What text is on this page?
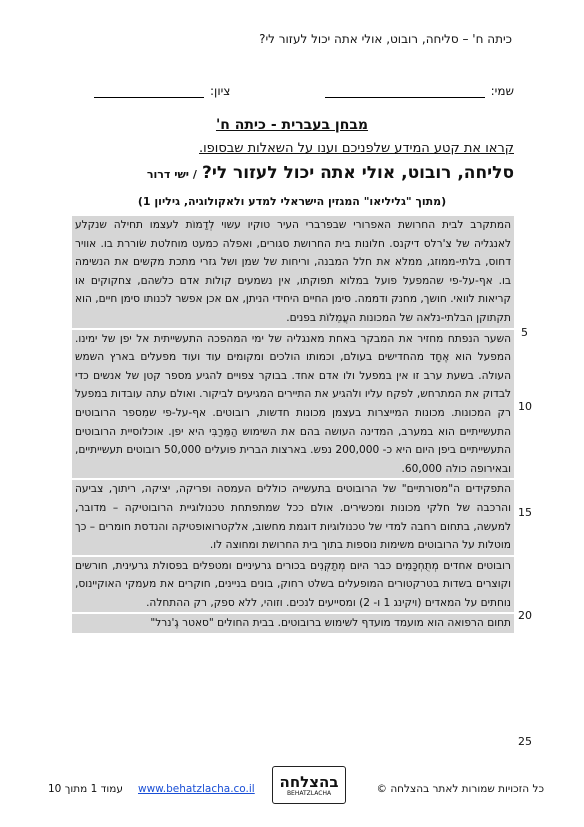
כיתה ח' – סליחה, רובוט, אולי אתה יכול לעזור לי?
שמי:
ציון:
מבחן בעברית - כיתה ח'
קראו את קטע המידע שלפניכם וענו על השאלות שבסופו.
סליחה, רובוט, אולי אתה יכול לעזור לי? / ישי דרור
(מתוך "גליליאו" המגזין הישראלי למדע ולאקולוגיה, גיליון 1)

המתקרב לבית החרושת האפרורי שבפרברי העיר טוקיו עשוי לְדַמוֹת לעצמו תחילה שנקלע לאנגליה של צ'רלס דיקנס. חלונות בית החרושת סגורים, ואפלה כמעט מוחלטת שׂוררת בו. אוויר דחוס, בלתי-ממוזג, ממלא את חלל המבנה, וריחות של שמן ושל גזרי מתכת מקשים את הנשימה בו. אף-על-פי שהמפעל פועל במלוא תפוקתו, אין נשמעים קולות אדם כלשהם, צחקוקים או קריאות לוואי. חושך, מחנק ודממה. סימן החיים היחידי הניתן, אם אכן אפשר לכנותו סימן חיים, הוא תקתוקן הבלתי-נלאה של המכונות העֲמֵלוֹת בפנים.

השער הנפתח מחזיר את המבקר באחת מאנגליה של ימי המהפכה התעשייתית אל יפן של ימינו. המפעל הוא אֶחָד מהחדישים בעולם, וכמותו הולכים ומקומים עוד ועוד מפעלים בארץ השמש העולה. בשעת ערב זו אין במפעל ולו אדם אחד. בבוקר צפויים להגיע מספר קטן של אנשים כדי לבדוק את המתרחש, לפקח עליו ולהגיע את התיירים המגיעים לביקור. ואולם עתה עובדות במפעל רק המכונות. מכונות המייצרות בעצמן מכונות חדשות, רובוטים. אף-על-פי שמִספר הרובוטים התעשייתיים הוא במערב, המדינה העושה בהם את השימוש הַמֵּרַבִּי היא יפן. אוכלוסיית הרובוטים התעשייתיים ביפן היום היא כ- 200,000 נפש. בארצות הברית פועלים 50,000 רובוטים תעשייתיים, ובאירופה כולה 60,000.

התפקידים ה"מסורתיים" של הרובוטים בתעשייה כוללים העמסה ופריקה, יציקה, ריתוך, צביעה והרכבה של חלקי מכונות ומכשירים. אולם ככל שמתפתחת טכנולוגיית הרובוטיקה – מדובר, למעשה, בתחום רחבה למדי של טכנולוגיות דוגמת מחשוב, אלקטרואופטיקה והנדסת חומרים – כך מוטלות על הרובוטים משימות נוספות בתוך בית החרושת ומחוצה לו.

רובוטים אחדים מְתֻחְכָּמִים כבר היום מְתַקְּנִים בכורים גרעיניים ומטפלים בפסולת גרעינית, חורשים וקוצרים בשדות בטרקטורים המופעלים בשלט רחוק, בונים בניינים, חוקרים את מעמקי האוקיינוס, נוחתים על המאדים (ויקינג 1 ו- 2) ומסייעים לנכים. וזוהי, ללא ספק, רק ההתחלה.

תחום הרפואה הוא מועמד מועדף לשימוש ברובוטים. בבית החולים "סאטר גֶ'נרל"

5
10
15
20
25
כל הזכויות שמורות לאתר בהצלחה ©
בהצלחה
BEHATZLACHA
www.behatzlacha.co.il
עמוד 1 מתוך 10
